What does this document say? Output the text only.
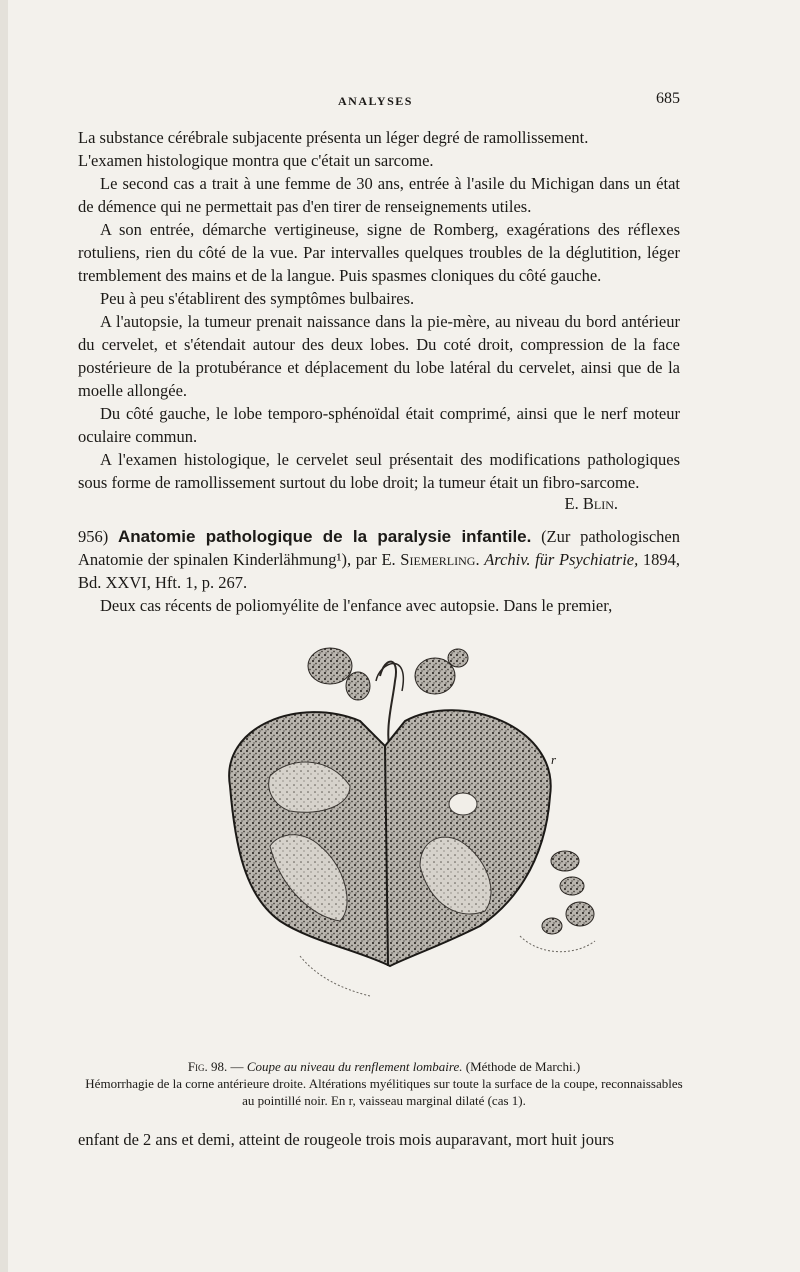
ANALYSES	685

La substance cérébrale subjacente présenta un léger degré de ramollissement.

L'examen histologique montra que c'était un sarcome.

Le second cas a trait à une femme de 30 ans, entrée à l'asile du Michigan dans un état de démence qui ne permettait pas d'en tirer de renseignements utiles.

A son entrée, démarche vertigineuse, signe de Romberg, exagérations des réflexes rotuliens, rien du côté de la vue. Par intervalles quelques troubles de la déglutition, léger tremblement des mains et de la langue. Puis spasmes cloniques du côté gauche.

Peu à peu s'établirent des symptômes bulbaires.

A l'autopsie, la tumeur prenait naissance dans la pie-mère, au niveau du bord antérieur du cervelet, et s'étendait autour des deux lobes. Du coté droit, compression de la face postérieure de la protubérance et déplacement du lobe latéral du cervelet, ainsi que de la moelle allongée.

Du côté gauche, le lobe temporo-sphénoïdal était comprimé, ainsi que le nerf moteur oculaire commun.

A l'examen histologique, le cervelet seul présentait des modifications pathologiques sous forme de ramollissement surtout du lobe droit; la tumeur était un fibro-sarcome.

E. Blin.

956) Anatomie pathologique de la paralysie infantile. (Zur pathologischen Anatomie der spinalen Kinderlähmung¹), par E. Siemerling. Archiv. für Psychiatrie, 1894, Bd. XXVI, Hft. 1, p. 267.

Deux cas récents de poliomyélite de l'enfance avec autopsie. Dans le premier,

r
Fig. 98. — Coupe au niveau du renflement lombaire. (Méthode de Marchi.)
Hémorrhagie de la corne antérieure droite. Altérations myélitiques sur toute la surface de la coupe, reconnaissables au pointillé noir. En r, vaisseau marginal dilaté (cas 1).
enfant de 2 ans et demi, atteint de rougeole trois mois auparavant, mort huit jours
